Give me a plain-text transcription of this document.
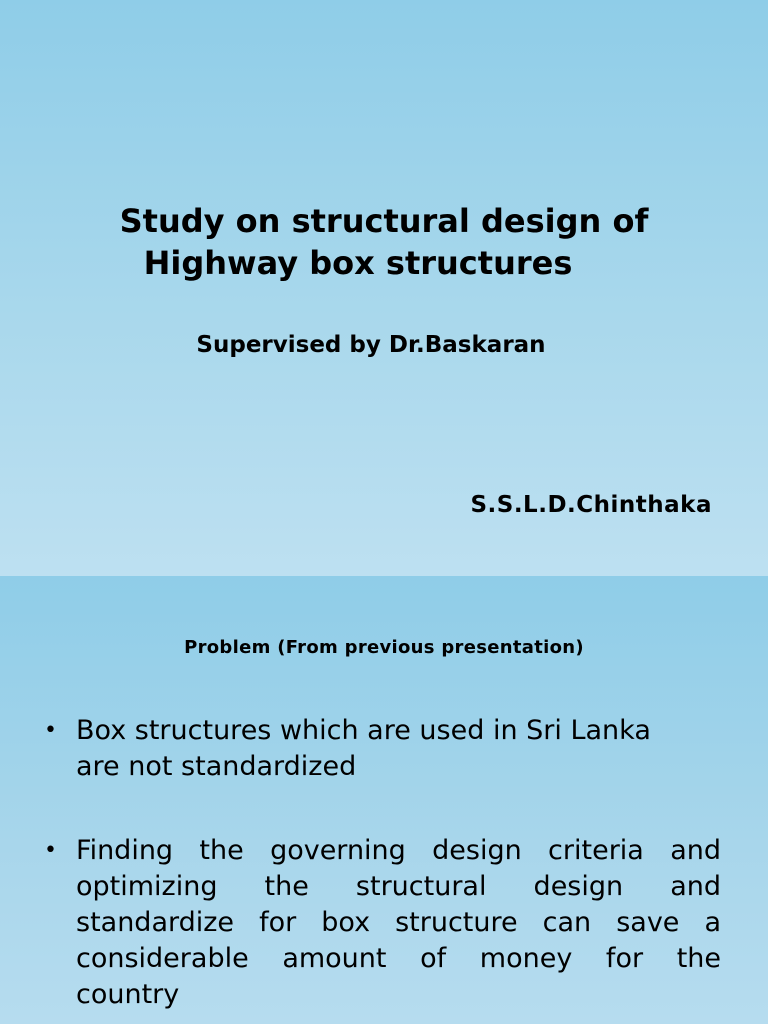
Study on structural design of
Highway box structures

Supervised by Dr.Baskaran

S.S.L.D.Chinthaka

Problem (From previous presentation)
• Box structures which are used in Sri Lanka
are not standardized
• Finding the governing design criteria and
optimizing the structural design and
standardize for box structure can save a
considerable amount of money for the
country
